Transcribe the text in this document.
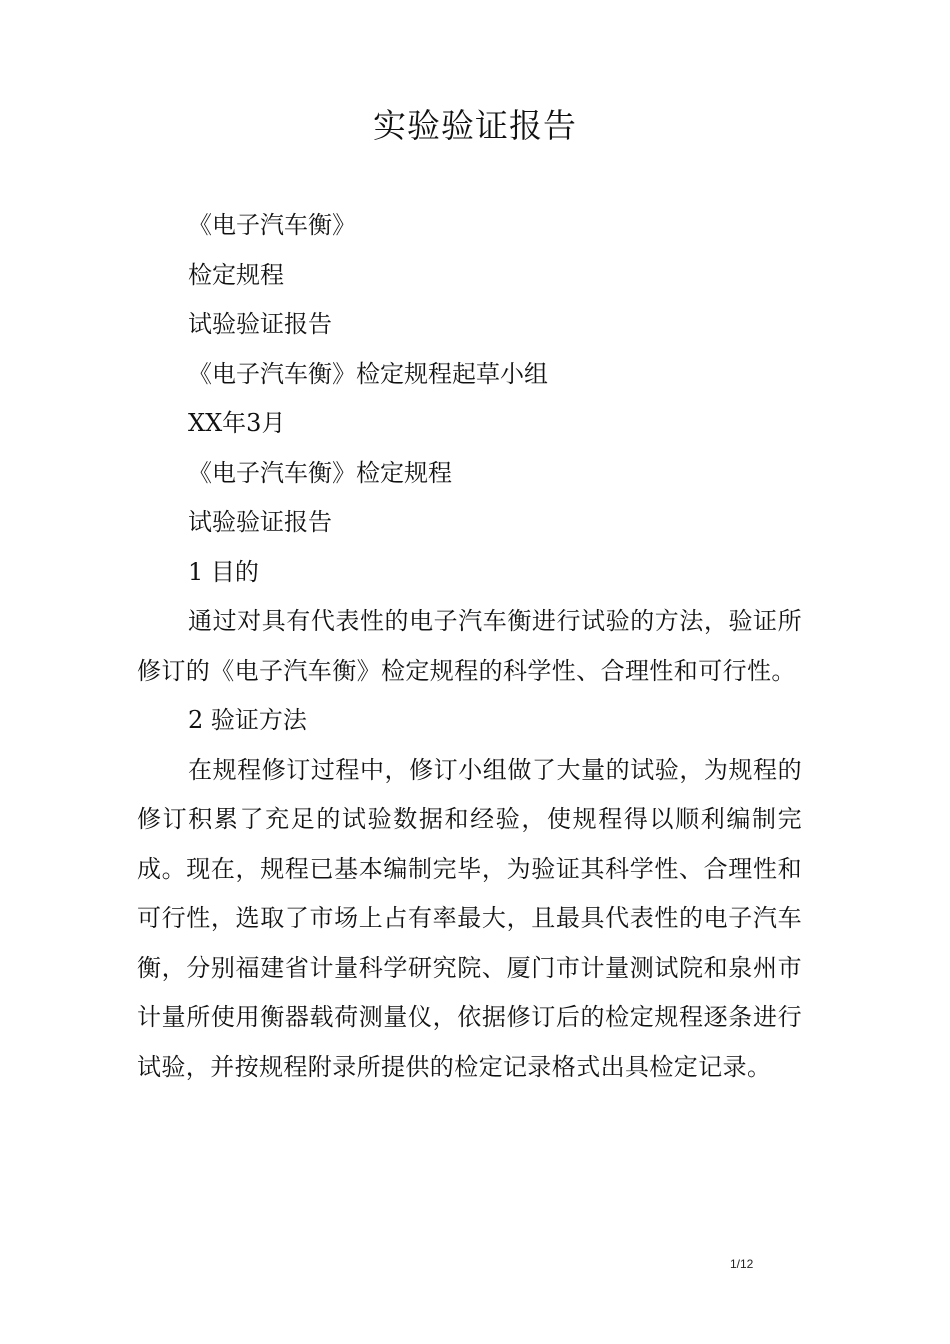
实验验证报告

《电子汽车衡》

检定规程

试验验证报告

《电子汽车衡》检定规程起草小组

XX年3月

《电子汽车衡》检定规程

试验验证报告

1 目的

通过对具有代表性的电子汽车衡进行试验的方法，验证所修订的《电子汽车衡》检定规程的科学性、合理性和可行性。

2 验证方法

在规程修订过程中，修订小组做了大量的试验，为规程的修订积累了充足的试验数据和经验，使规程得以顺利编制完成。现在，规程已基本编制完毕，为验证其科学性、合理性和可行性，选取了市场上占有率最大，且最具代表性的电子汽车衡，分别福建省计量科学研究院、厦门市计量测试院和泉州市计量所使用衡器载荷测量仪，依据修订后的检定规程逐条进行试验，并按规程附录所提供的检定记录格式出具检定记录。

1/12
